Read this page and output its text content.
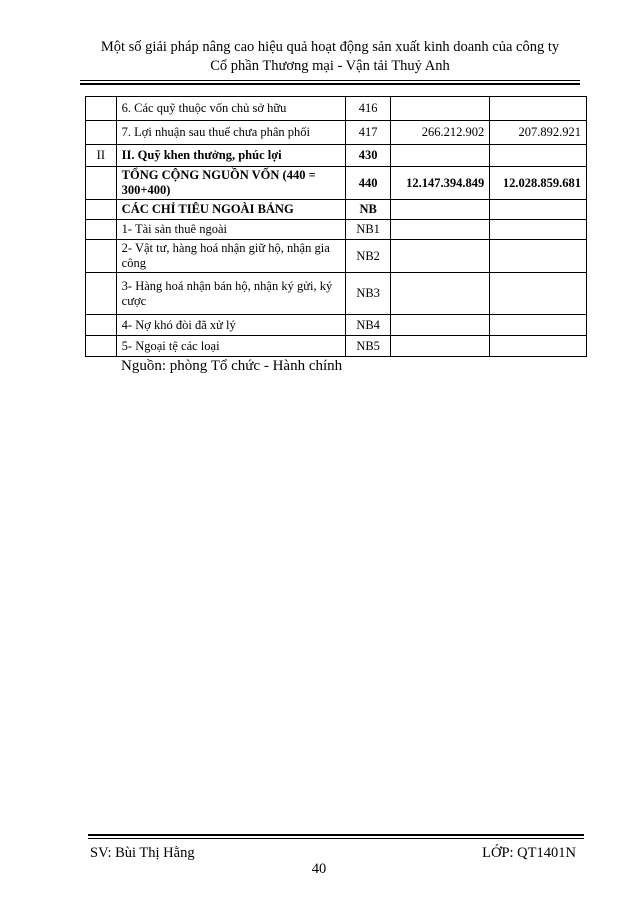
Một số giải pháp nâng cao hiệu quả hoạt động sản xuất kinh doanh của công ty
Cổ phần Thương mại - Vận tải Thuỷ Anh
	6. Các quỹ thuộc vốn chủ sở hữu	416		
	7. Lợi nhuận sau thuế chưa phân phối	417	266.212.902	207.892.921
II	II. Quỹ khen thưởng, phúc lợi	430		
	TỔNG CỘNG NGUỒN VỐN (440 = 300+400)	440	12.147.394.849	12.028.859.681
	CÁC CHỈ TIÊU NGOÀI BẢNG	NB		
	1- Tài sản thuê ngoài	NB1		
	2- Vật tư, hàng hoá nhận giữ hộ, nhận gia công	NB2		
	3- Hàng hoá nhận bán hộ, nhận ký gửi, ký cược	NB3		
	4- Nợ khó đòi đã xử lý	NB4		
	5- Ngoại tệ các loại	NB5		
Nguồn: phòng Tổ chức - Hành chính
SV: Bùi Thị Hằng	LỚP: QT1401N
40
